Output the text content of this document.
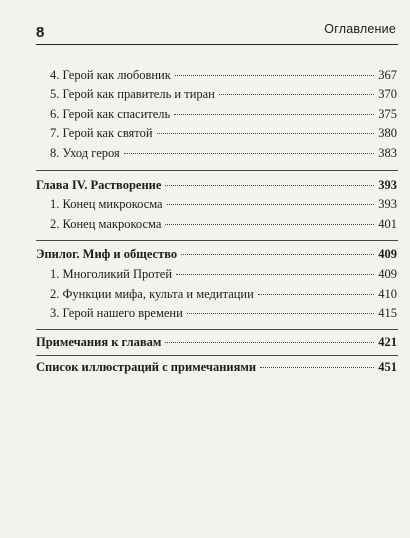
8	Оглавление
4. Герой как любовник	367
5. Герой как правитель и тиран	370
6. Герой как спаситель	375
7. Герой как святой	380
8. Уход героя	383
Глава IV. Растворение	393
1. Конец микрокосма	393
2. Конец макрокосма	401
Эпилог. Миф и общество	409
1. Многоликий Протей	409
2. Функции мифа, культа и медитации	410
3. Герой нашего времени	415
Примечания к главам	421
Список иллюстраций с примечаниями	451
